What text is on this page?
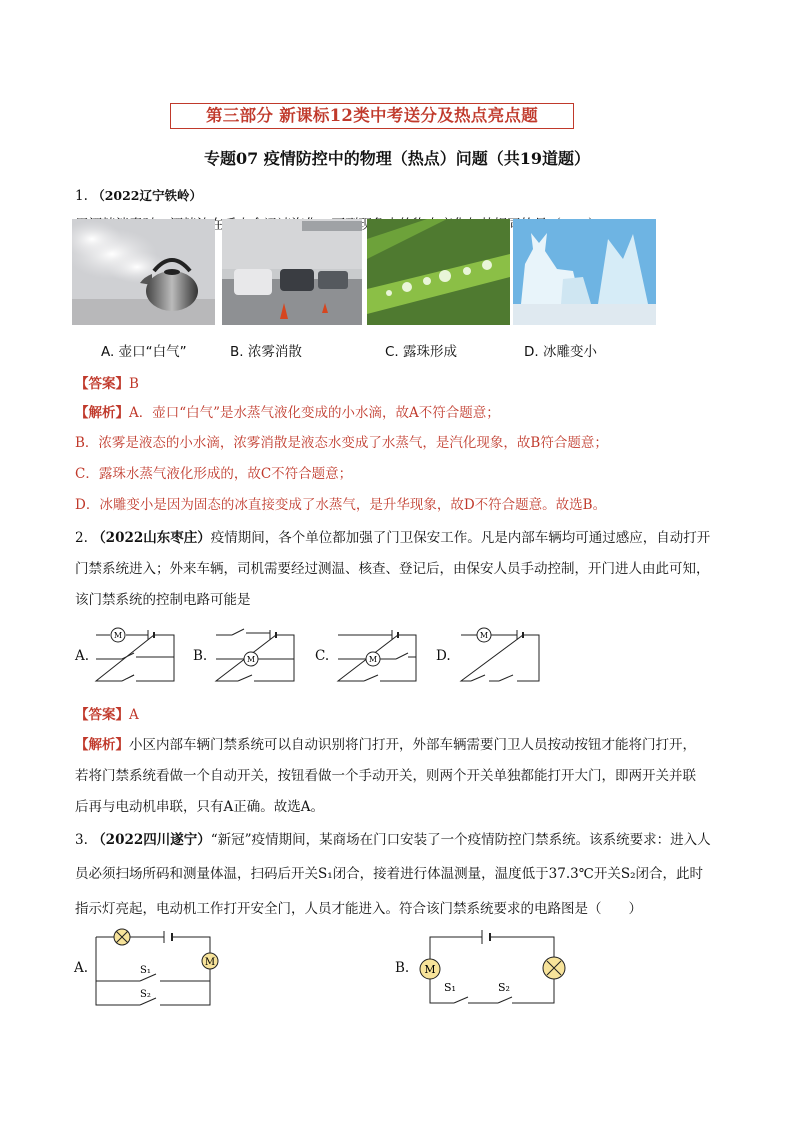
第三部分 新课标12类中考送分及热点亮点题
专题07 疫情防控中的物理（热点）问题（共19道题）
1. （2022辽宁铁岭）
A. 壶口“白气”	B. 浓雾消散	C. 露珠形成	D. 冰雕变小
【答案】B
【解析】A．壶口“白气”是水蒸气液化变成的小水滴，故A不符合题意；
B．浓雾是液态的小水滴，浓雾消散是液态水变成了水蒸气，是汽化现象，故B符合题意；
C．露珠水蒸气液化形成的，故C不符合题意；
D．冰雕变小是因为固态的冰直接变成了水蒸气，是升华现象，故D不符合题意。故选B。
2. （2022山东枣庄）疫情期间，各个单位都加强了门卫保安工作。凡是内部车辆均可通过感应，自动打开
门禁系统进入；外来车辆，司机需要经过测温、核查、登记后，由保安人员手动控制，开门进人由此可知，
该门禁系统的控制电路可能是
A.
M
B.	M	C.	M	D.
M
【答案】A
【解析】小区内部车辆门禁系统可以自动识别将门打开，外部车辆需要门卫人员按动按钮才能将门打开，
若将门禁系统看做一个自动开关，按钮看做一个手动开关，则两个开关单独都能打开大门，即两开关并联
后再与电动机串联，只有A正确。故选A。
3. （2022四川遂宁）“新冠”疫情期间，某商场在门口安装了一个疫情防控门禁系统。该系统要求：进入人
员必须扫场所码和测量体温，扫码后开关S₁闭合，接着进行体温测量，温度低于37.3℃开关S₂闭合，此时
指示灯亮起，电动机工作打开安全门，人员才能进入。符合该门禁系统要求的电路图是（　　）
A.	M
S₁
S₂
B. M
S₁	S₂
